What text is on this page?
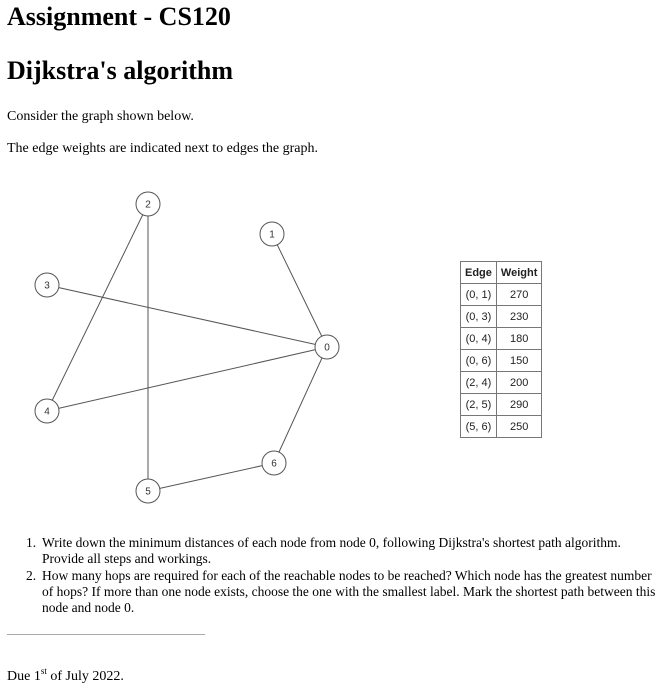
Assignment - CS120
Dijkstra's algorithm

Consider the graph shown below.

The edge weights are indicated next to edges the graph.

0
1
2
3
4
5
6
Edge	Weight
(0, 1)	270
(0, 3)	230
(0, 4)	180
(0, 6)	150
(2, 4)	200
(2, 5)	290
(5, 6)	250
1. Write down the minimum distances of each node from node 0, following Dijkstra's shortest path algorithm. Provide all steps and workings.
2. How many hops are required for each of the reachable nodes to be reached? Which node has the greatest number of hops? If more than one node exists, choose the one with the smallest label. Mark the shortest path between this node and node 0.

Due 1st of July 2022.
